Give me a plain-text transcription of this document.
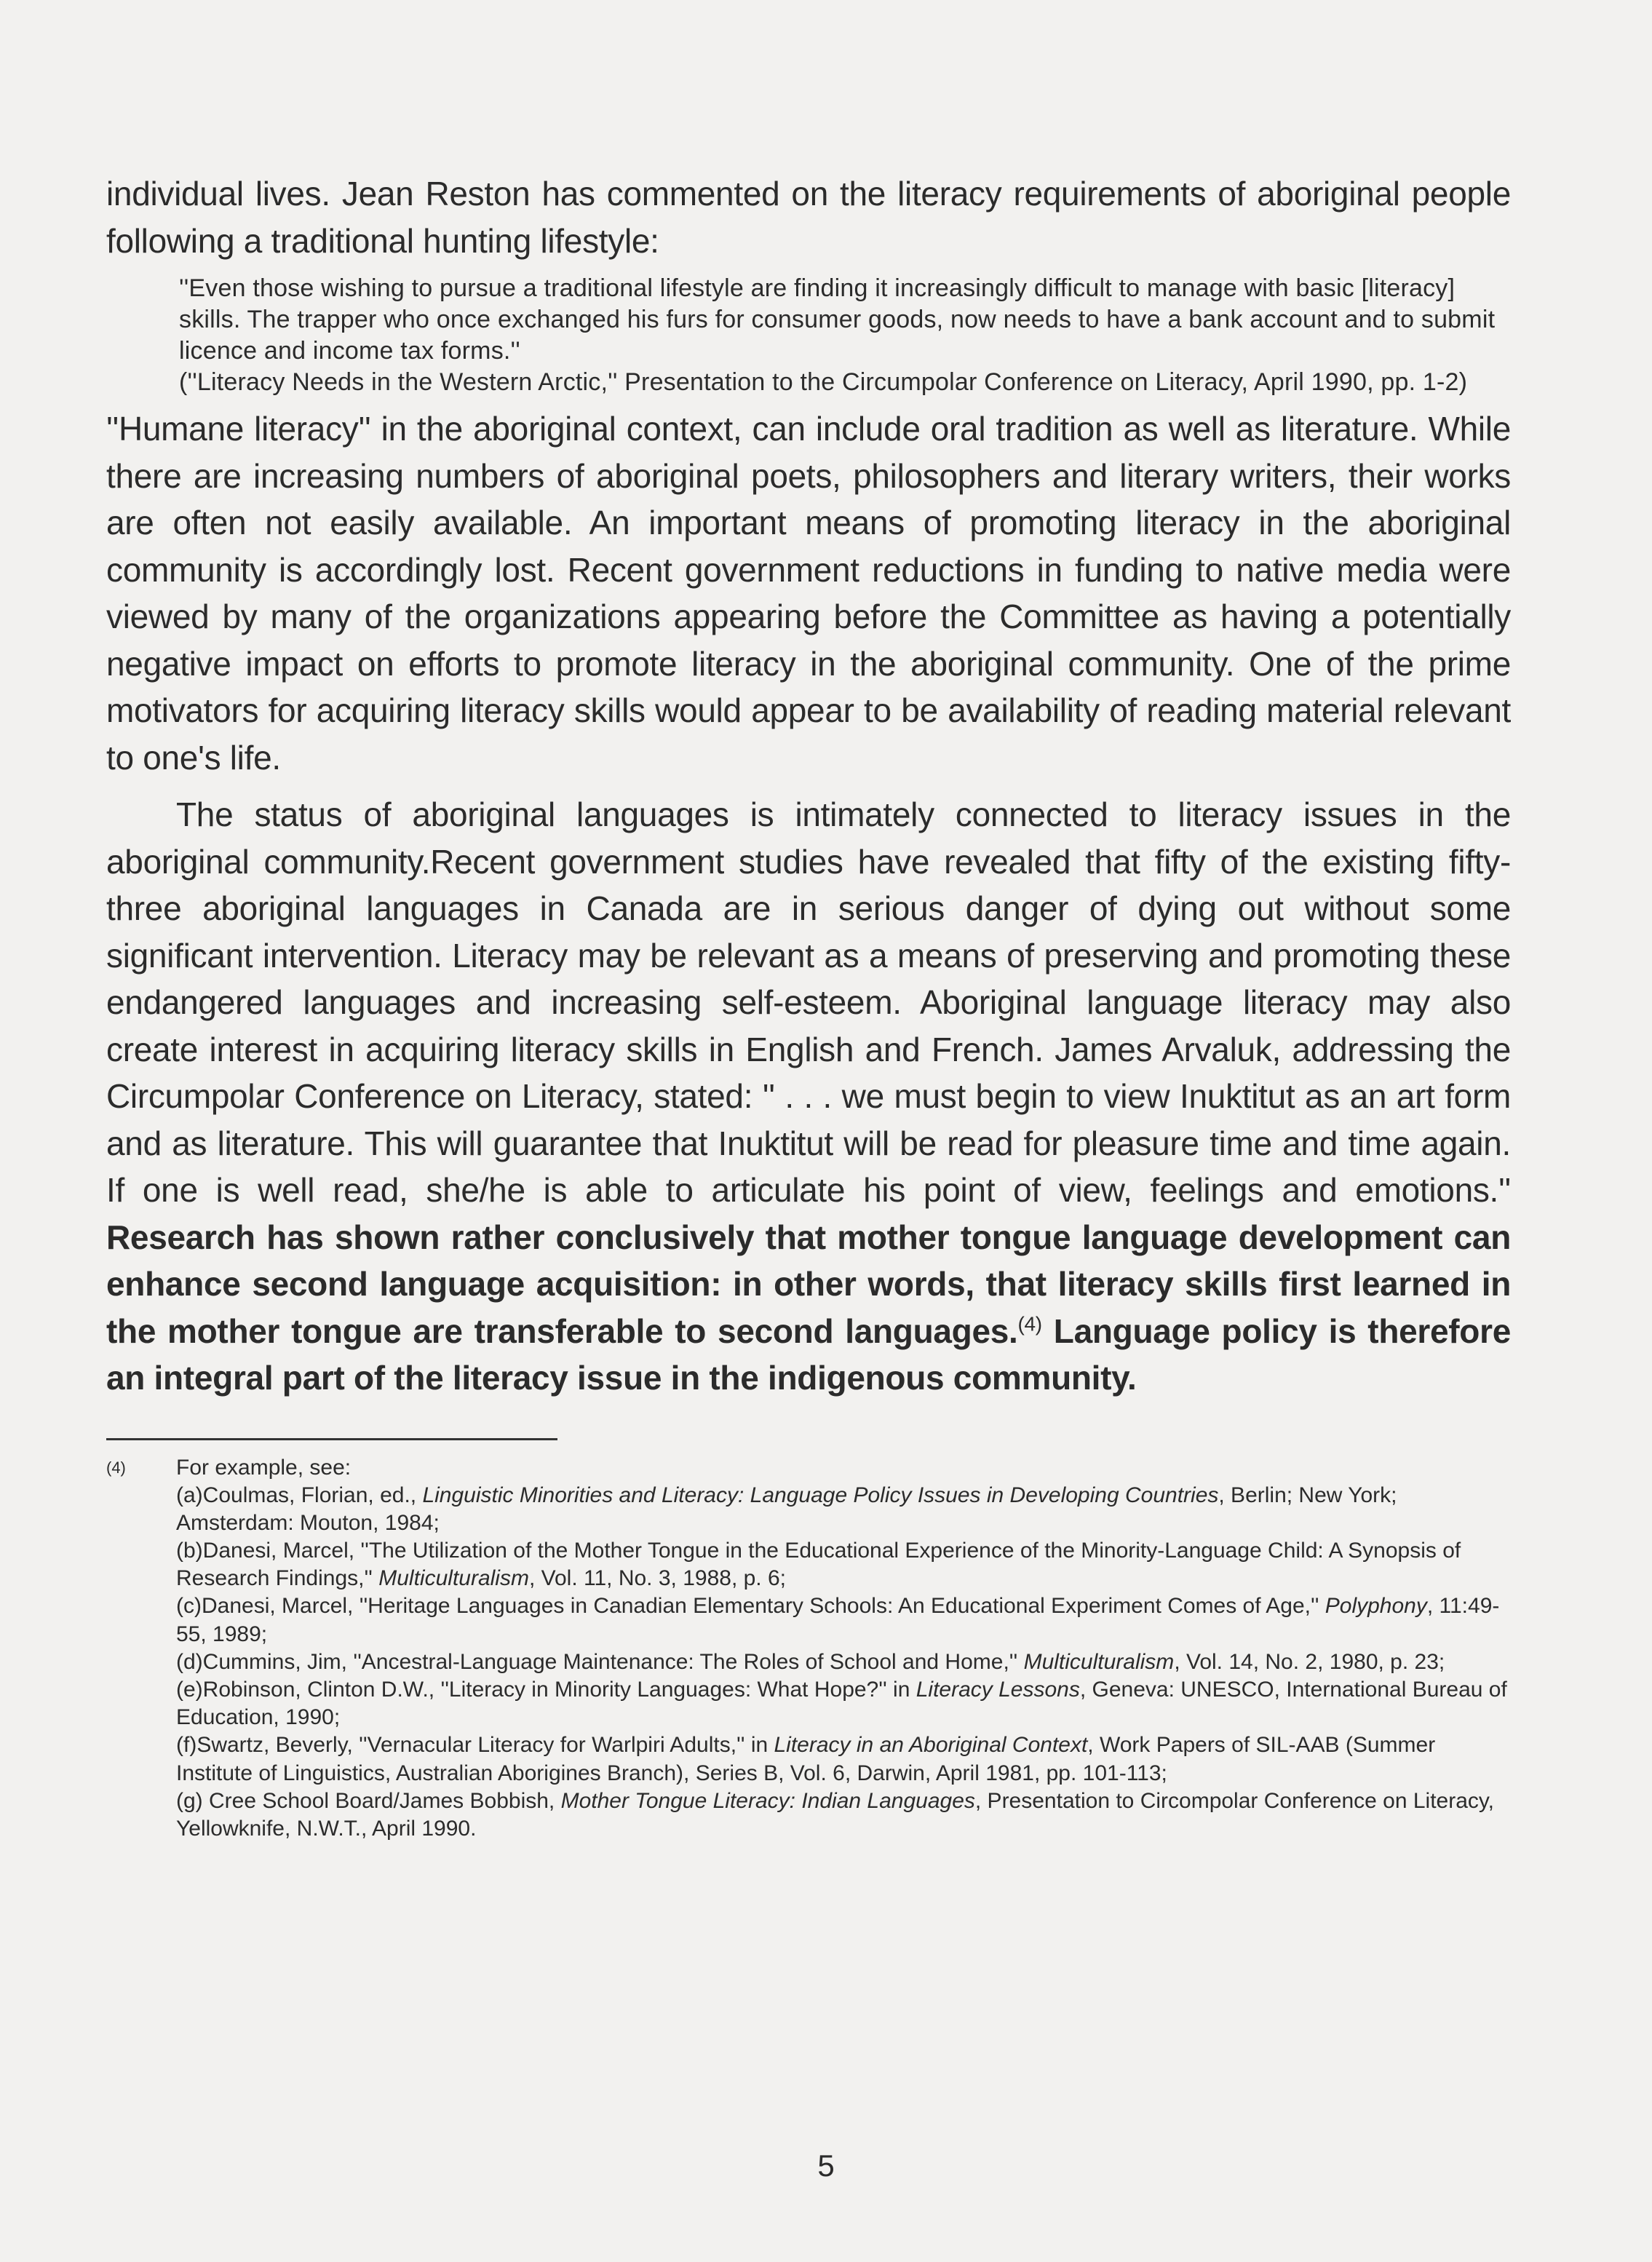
individual lives. Jean Reston has commented on the literacy requirements of aboriginal people following a traditional hunting lifestyle:

''Even those wishing to pursue a traditional lifestyle are finding it increasingly difficult to manage with basic [literacy] skills. The trapper who once exchanged his furs for consumer goods, now needs to have a bank account and to submit licence and income tax forms.''

(''Literacy Needs in the Western Arctic,'' Presentation to the Circumpolar Conference on Literacy, April 1990, pp. 1-2)

''Humane literacy'' in the aboriginal context, can include oral tradition as well as literature. While there are increasing numbers of aboriginal poets, philosophers and literary writers, their works are often not easily available. An important means of promoting literacy in the aboriginal community is accordingly lost. Recent government reductions in funding to native media were viewed by many of the organizations appearing before the Committee as having a potentially negative impact on efforts to promote literacy in the aboriginal community. One of the prime motivators for acquiring literacy skills would appear to be availability of reading material relevant to one's life.

The status of aboriginal languages is intimately connected to literacy issues in the aboriginal community.Recent government studies have revealed that fifty of the existing fifty-three aboriginal languages in Canada are in serious danger of dying out without some significant intervention. Literacy may be relevant as a means of preserving and promoting these endangered languages and increasing self-esteem. Aboriginal language literacy may also create interest in acquiring literacy skills in English and French. James Arvaluk, addressing the Circumpolar Conference on Literacy, stated: '' . . . we must begin to view Inuktitut as an art form and as literature. This will guarantee that Inuktitut will be read for pleasure time and time again. If one is well read, she/he is able to articulate his point of view, feelings and emotions.'' Research has shown rather conclusively that mother tongue language development can enhance second language acquisition: in other words, that literacy skills first learned in the mother tongue are transferable to second languages.$^{(4)}$ Language policy is therefore an integral part of the literacy issue in the indigenous community.

(4)	For example, see:
(a)Coulmas, Florian, ed., Linguistic Minorities and Literacy: Language Policy Issues in Developing Countries, Berlin; New York; Amsterdam: Mouton, 1984;
(b)Danesi, Marcel, ''The Utilization of the Mother Tongue in the Educational Experience of the Minority-Language Child: A Synopsis of Research Findings,'' Multiculturalism, Vol. 11, No. 3, 1988, p. 6;
(c)Danesi, Marcel, ''Heritage Languages in Canadian Elementary Schools: An Educational Experiment Comes of Age,'' Polyphony, 11:49-55, 1989;
(d)Cummins, Jim, ''Ancestral-Language Maintenance: The Roles of School and Home,'' Multiculturalism, Vol. 14, No. 2, 1980, p. 23;
(e)Robinson, Clinton D.W., ''Literacy in Minority Languages: What Hope?'' in Literacy Lessons, Geneva: UNESCO, International Bureau of Education, 1990;
(f)Swartz, Beverly, ''Vernacular Literacy for Warlpiri Adults,'' in Literacy in an Aboriginal Context, Work Papers of SIL-AAB (Summer Institute of Linguistics, Australian Aborigines Branch), Series B, Vol. 6, Darwin, April 1981, pp. 101-113;
(g) Cree School Board/James Bobbish, Mother Tongue Literacy: Indian Languages, Presentation to Circompolar Conference on Literacy, Yellowknife, N.W.T., April 1990.
5
